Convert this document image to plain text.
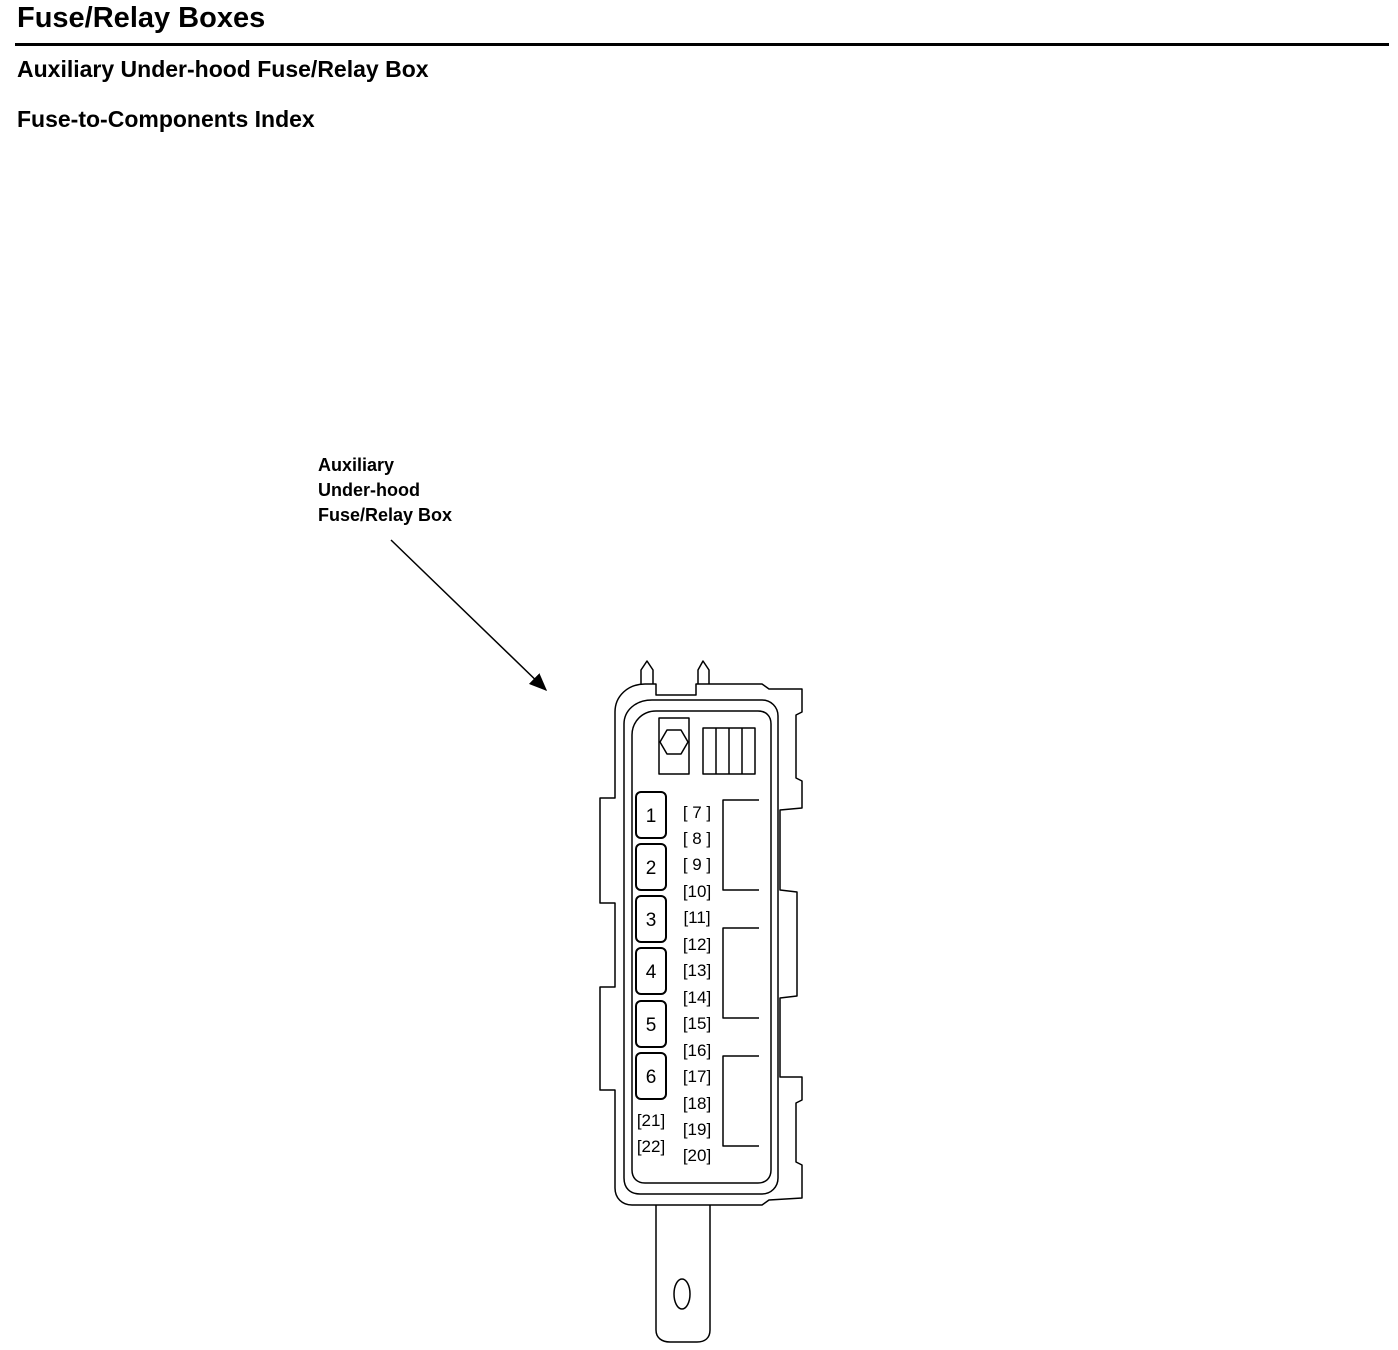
Fuse/Relay Boxes
Auxiliary Under-hood Fuse/Relay Box
Fuse-to-Components Index
Auxiliary
Under-hood
Fuse/Relay Box
1
2
3
4
5
6
[ 7 ]
[ 8 ]
[ 9 ]
[10]
[11]
[12]
[13]
[14]
[15]
[16]
[17]
[18]
[19]
[20]
[21]
[22]
